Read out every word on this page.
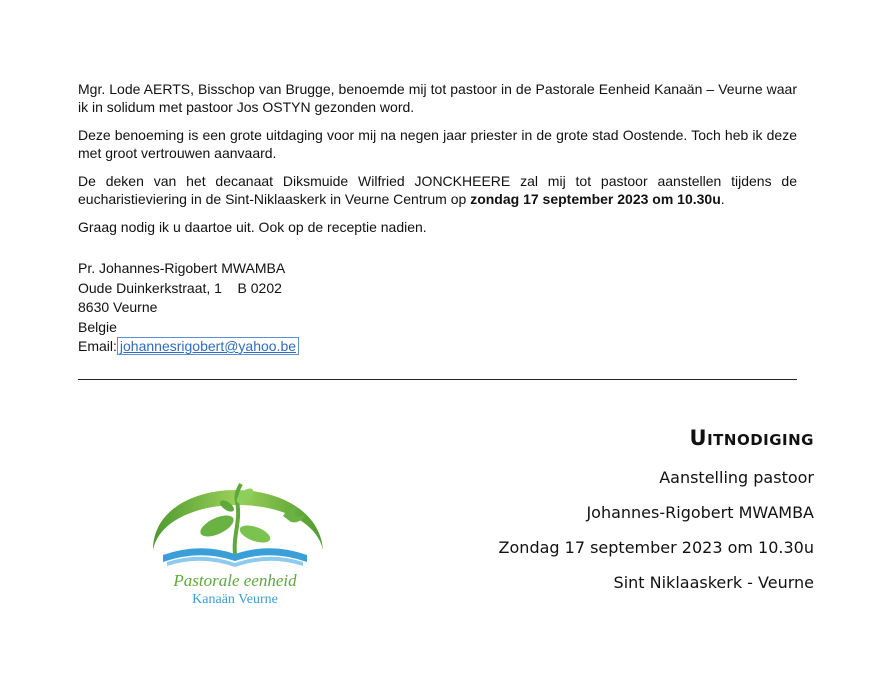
Mgr. Lode AERTS, Bisschop van Brugge, benoemde mij tot pastoor in de Pastorale Eenheid Kanaän – Veurne waar ik in solidum met pastoor Jos OSTYN gezonden word.

Deze benoeming is een grote uitdaging voor mij na negen jaar priester in de grote stad Oostende. Toch heb ik deze met groot vertrouwen aanvaard.

De deken van het decanaat Diksmuide Wilfried JONCKHEERE zal mij tot pastoor aanstellen tijdens de eucharistieviering in de Sint-Niklaaskerk in Veurne Centrum op zondag 17 september 2023 om 10.30u.

Graag nodig ik u daartoe uit. Ook op de receptie nadien.

Pr. Johannes-Rigobert MWAMBA
Oude Duinkerkstraat, 1    B 0202
8630 Veurne
Belgie
Email: johannesrigobert@yahoo.be
Pastorale eenheid
Kanaän Veurne
Uitnodiging
Aanstelling pastoor
Johannes-Rigobert MWAMBA
Zondag 17 september 2023 om 10.30u
Sint Niklaaskerk - Veurne
